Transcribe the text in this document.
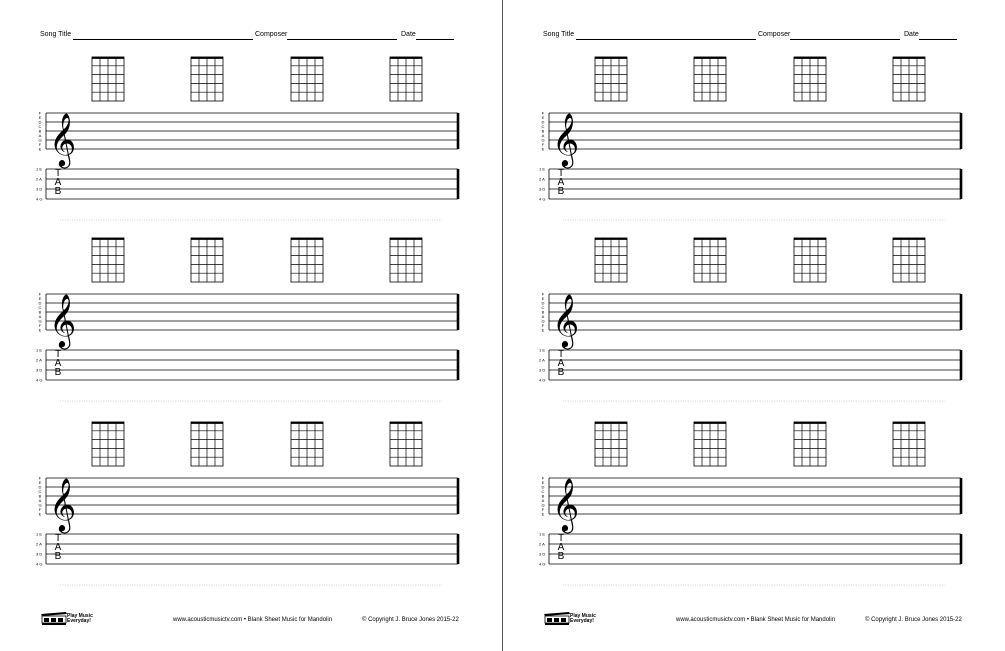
Song Title	Composer	Date
𝄞
F
E
D
C
B
A
G
F
E
1 E
2 A
3 D
4 G
T
A
B
𝄞
F
E
D
C
B
A
G
F
E
1 E
2 A
3 D
4 G
T
A
B
𝄞
F
E
D
C
B
A
G
F
E
1 E
2 A
3 D
4 G
T
A
B
Play Music
Everyday!	www.acousticmusictv.com • Blank Sheet Music for Mandolin	© Copyright J. Bruce Jones 2015-22
Song Title	Composer	Date
𝄞
F
E
D
C
B
A
G
F
E
1 E
2 A
3 D
4 G
T
A
B
𝄞
F
E
D
C
B
A
G
F
E
1 E
2 A
3 D
4 G
T
A
B
𝄞
F
E
D
C
B
A
G
F
E
1 E
2 A
3 D
4 G
T
A
B
Play Music
Everyday!	www.acousticmusictv.com • Blank Sheet Music for Mandolin	© Copyright J. Bruce Jones 2015-22
